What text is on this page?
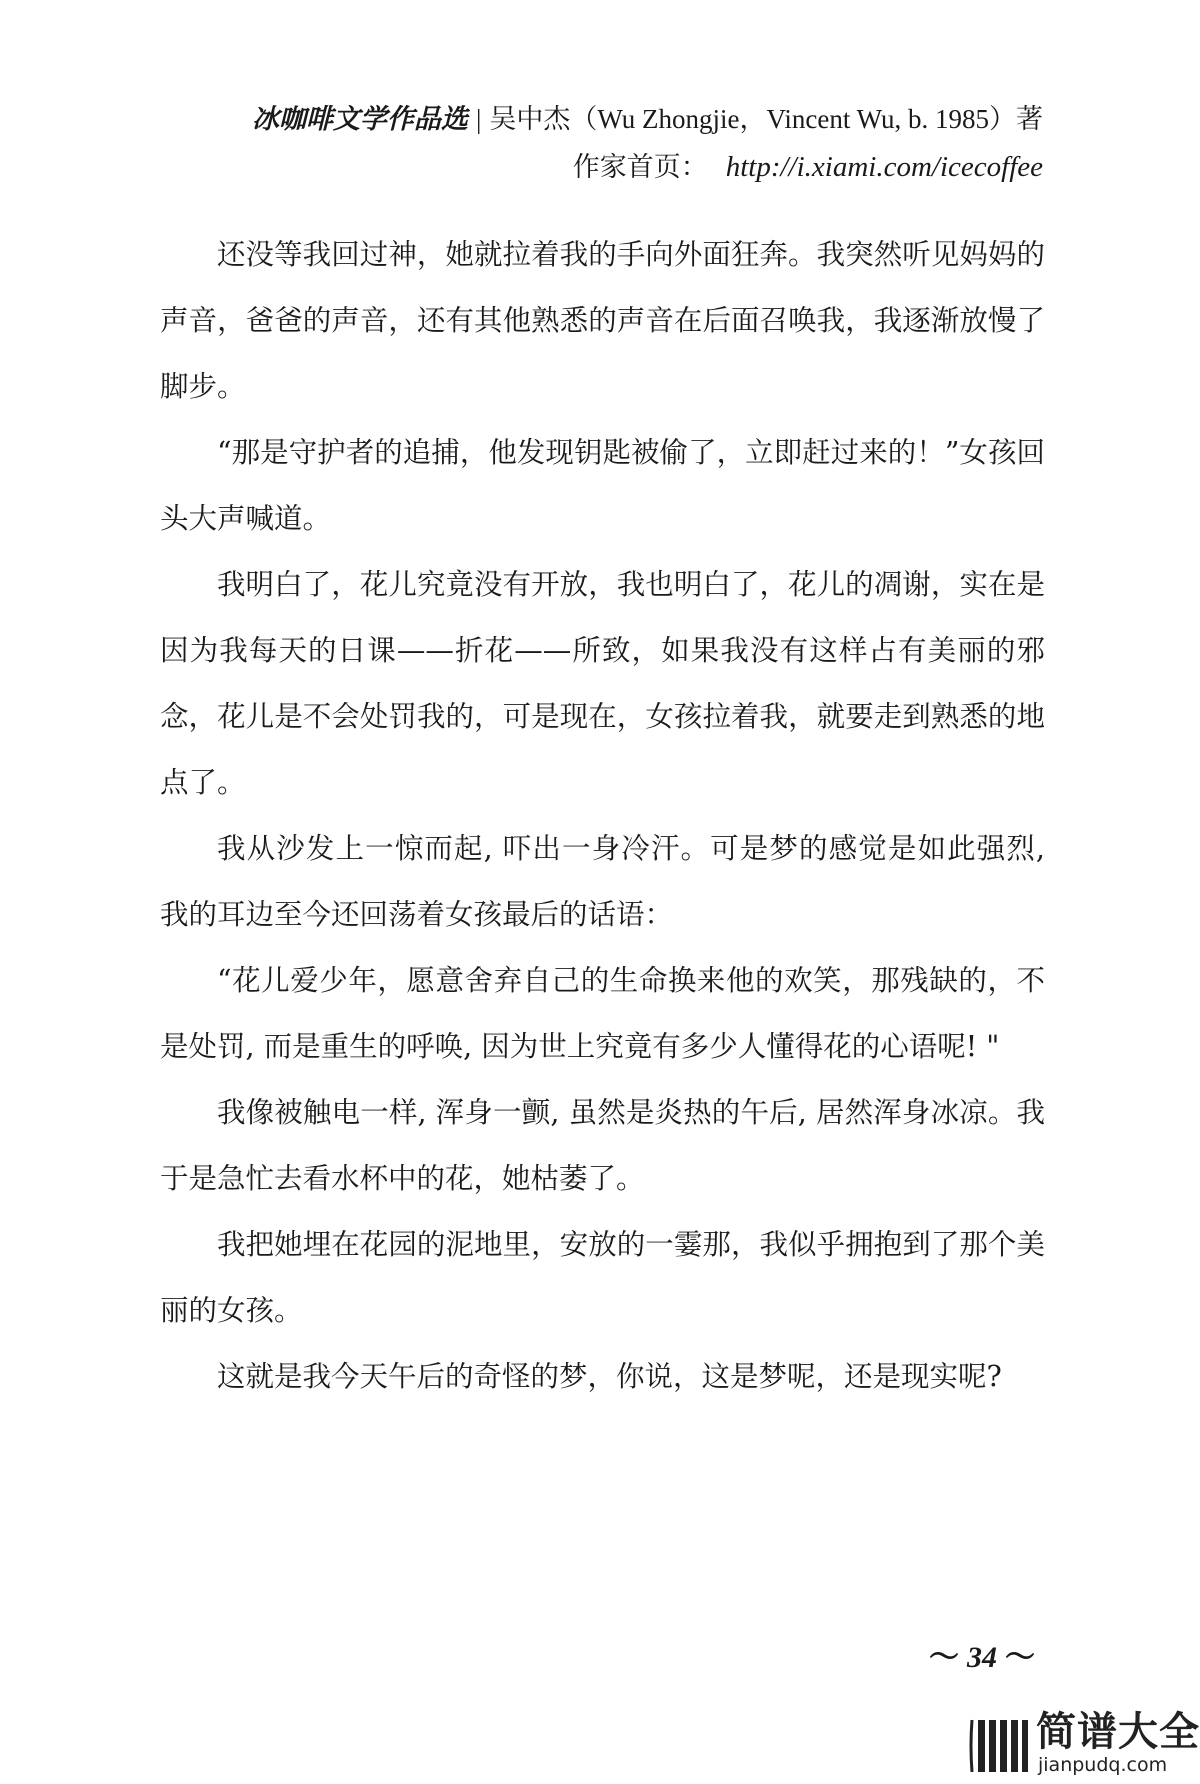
冰咖啡文学作品选 | 吴中杰（Wu Zhongjie，Vincent Wu, b. 1985）著
作家首页： http://i.xiami.com/icecoffee

还没等我回过神，她就拉着我的手向外面狂奔。我突然听见妈妈的声音，爸爸的声音，还有其他熟悉的声音在后面召唤我，我逐渐放慢了脚步。

“那是守护者的追捕，他发现钥匙被偷了，立即赶过来的！”女孩回头大声喊道。

我明白了，花儿究竟没有开放，我也明白了，花儿的凋谢，实在是因为我每天的日课——折花——所致，如果我没有这样占有美丽的邪念，花儿是不会处罚我的，可是现在，女孩拉着我，就要走到熟悉的地点了。

我从沙发上一惊而起, 吓出一身冷汗。可是梦的感觉是如此强烈, 我的耳边至今还回荡着女孩最后的话语：

“花儿爱少年，愿意舍弃自己的生命换来他的欢笑，那残缺的，不是处罚, 而是重生的呼唤, 因为世上究竟有多少人懂得花的心语呢! "

我像被触电一样, 浑身一颤, 虽然是炎热的午后, 居然浑身冰凉。我于是急忙去看水杯中的花，她枯萎了。

我把她埋在花园的泥地里，安放的一霎那，我似乎拥抱到了那个美丽的女孩。

这就是我今天午后的奇怪的梦，你说，这是梦呢，还是现实呢?

～ 34 ～
简谱大全
jianpudq.com
